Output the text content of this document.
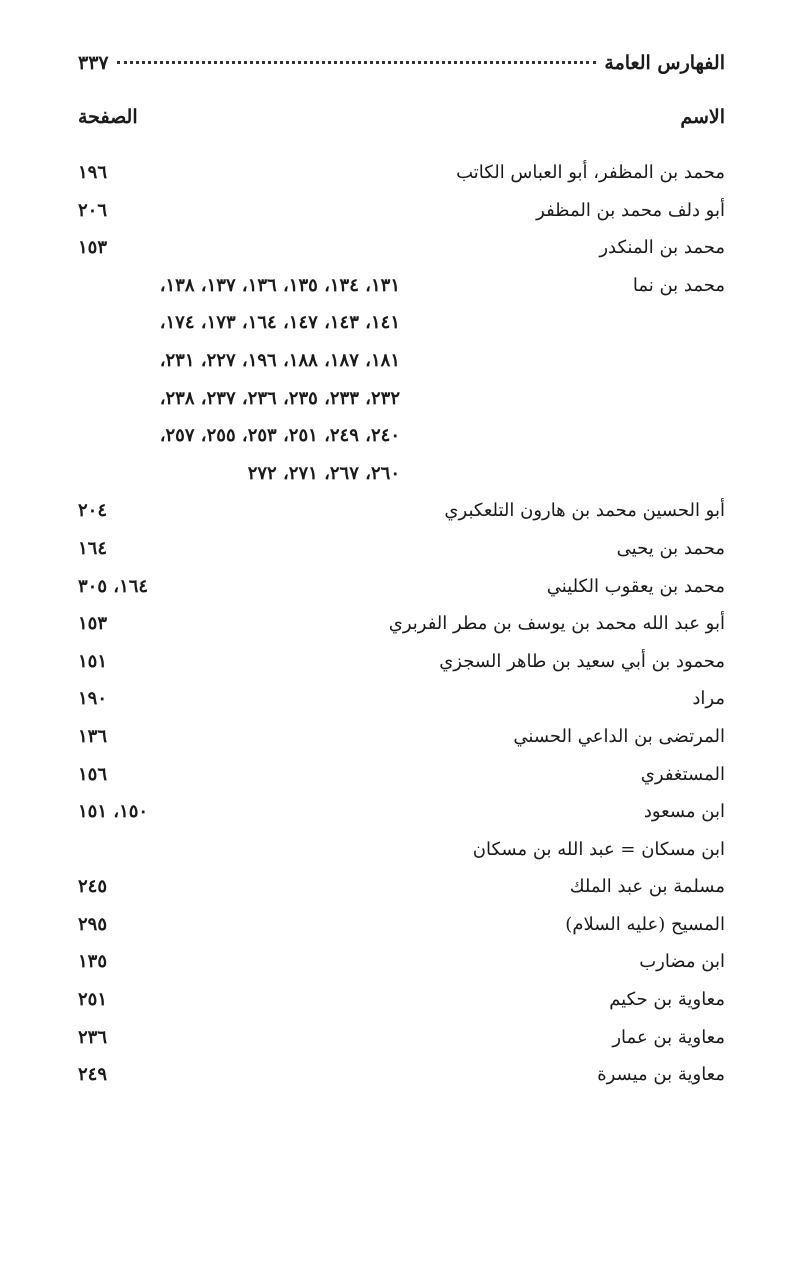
الفهارس العامة
٣٣٧
الاسم
الصفحة
محمد بن المظفر، أبو العباس الكاتب
١٩٦
أبو دلف محمد بن المظفر
٢٠٦
محمد بن المنكدر
١٥٣
محمد بن نما
١٣١، ١٣٤، ١٣٥، ١٣٦، ١٣٧، ١٣٨،
١٤١، ١٤٣، ١٤٧، ١٦٤، ١٧٣، ١٧٤،
١٨١، ١٨٧، ١٨٨، ١٩٦، ٢٢٧، ٢٣١،
٢٣٢، ٢٣٣، ٢٣٥، ٢٣٦، ٢٣٧، ٢٣٨،
٢٤٠، ٢٤٩، ٢٥١، ٢٥٣، ٢٥٥، ٢٥٧،
٢٦٠، ٢٦٧، ٢٧١، ٢٧٢
أبو الحسين محمد بن هارون التلعكبري
٢٠٤
محمد بن يحيى
١٦٤
محمد بن يعقوب الكليني
١٦٤، ٣٠٥
أبو عبد الله محمد بن يوسف بن مطر الفربري
١٥٣
محمود بن أبي سعيد بن طاهر السجزي
١٥١
مراد
١٩٠
المرتضى بن الداعي الحسني
١٣٦
المستغفري
١٥٦
ابن مسعود
١٥٠، ١٥١
ابن مسكان = عبد الله بن مسكان
مسلمة بن عبد الملك
٢٤٥
المسيح (عليه السلام)
٢٩٥
ابن مضارب
١٣٥
معاوية بن حكيم
٢٥١
معاوية بن عمار
٢٣٦
معاوية بن ميسرة
٢٤٩
